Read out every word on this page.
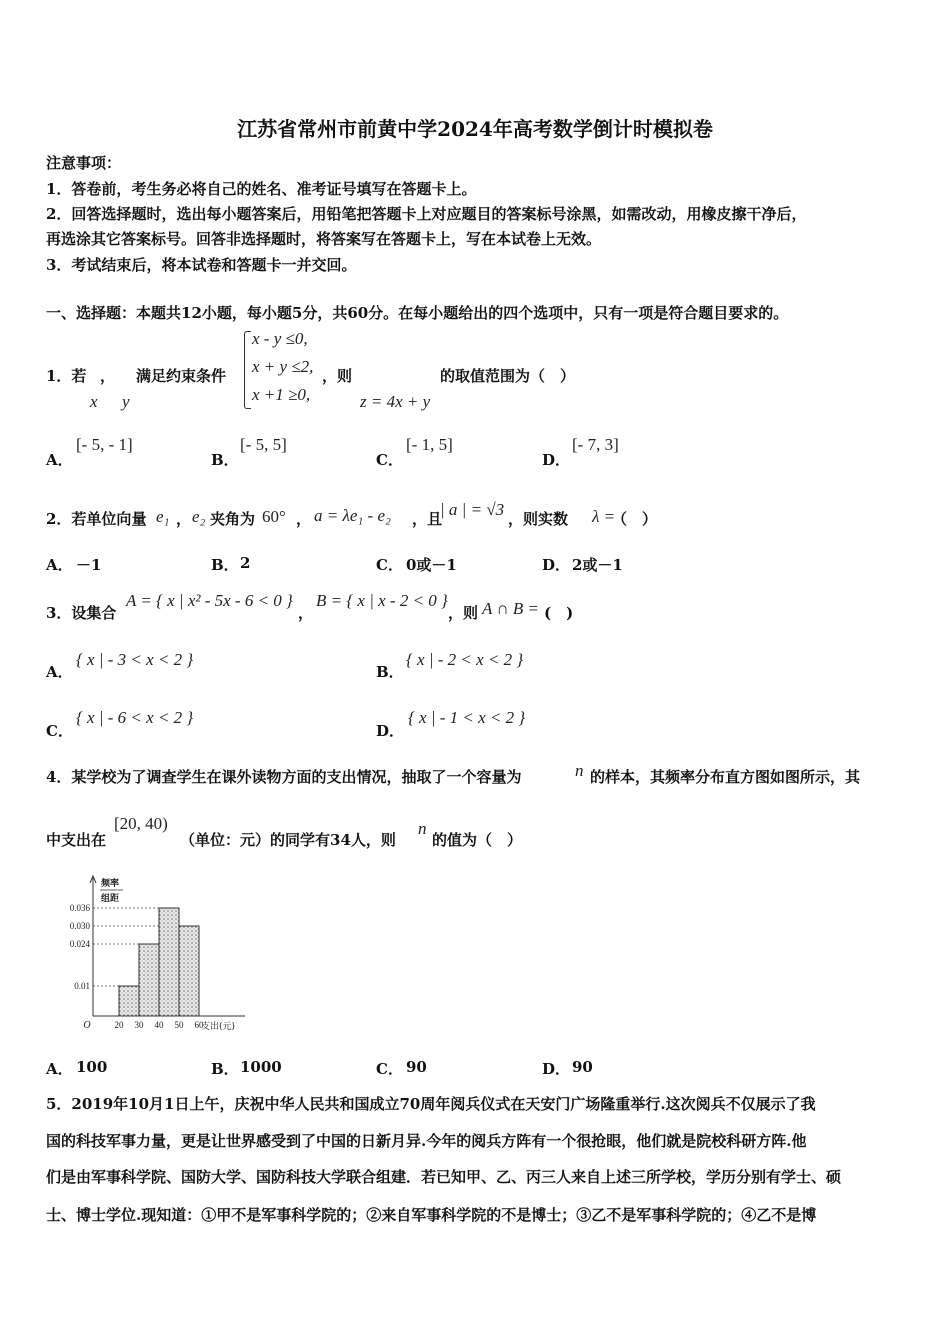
江苏省常州市前黄中学2024年高考数学倒计时模拟卷
注意事项：
1．答卷前，考生务必将自己的姓名、准考证号填写在答题卡上。
2．回答选择题时，选出每小题答案后，用铅笔把答题卡上对应题目的答案标号涂黑，如需改动，用橡皮擦干净后，
再选涂其它答案标号。回答非选择题时，将答案写在答题卡上，写在本试卷上无效。
3．考试结束后，将本试卷和答题卡一并交回。
一、选择题：本题共12小题，每小题5分，共60分。在每小题给出的四个选项中，只有一项是符合题目要求的。
1．若 ， 满足约束条件
x y
x - y ≤0,
x + y ≤2,
x +1 ≥0,
，则
z = 4x + y
的取值范围为（　）
A．
[- 5, - 1]
B．
[- 5, 5]
C．
[- 1, 5]
D．
[- 7, 3]
2．若单位向量 e₁ ， e₂ 夹角为 60° ， a = λe₁ - e₂ ，且
| a | = √3 ，则实数 λ =
（　）
A． －1	B． 2	C． 0或－1	D． 2或－1
3．设集合
A = { x | x² - 5x - 6 < 0 }
，
B = { x | x - 2 < 0 }
，则 A ∩ B = (　)
A．
{ x | - 3 < x < 2 }
B．
{ x | - 2 < x < 2 }
C．
{ x | - 6 < x < 2 }
D．
{ x | - 1 < x < 2 }
4．某学校为了调查学生在课外读物方面的支出情况，抽取了一个容量为	n 的样本，其频率分布直方图如图所示，其
中支出在
[20, 40)
（单位：元）的同学有34人，则
n
的值为（　）
0.036
0.030
0.024
0.01
20 30 40 50 60
O	支出(元)
频率
组距
A． 100	B． 1000	C． 90	D． 90
5．2019年10月1日上午，庆祝中华人民共和国成立70周年阅兵仪式在天安门广场隆重举行.这次阅兵不仅展示了我
国的科技军事力量，更是让世界感受到了中国的日新月异.今年的阅兵方阵有一个很抢眼，他们就是院校科研方阵.他
们是由军事科学院、国防大学、国防科技大学联合组建．若已知甲、乙、丙三人来自上述三所学校，学历分别有学士、硕
士、博士学位.现知道：①甲不是军事科学院的；②来自军事科学院的不是博士；③乙不是军事科学院的；④乙不是博
